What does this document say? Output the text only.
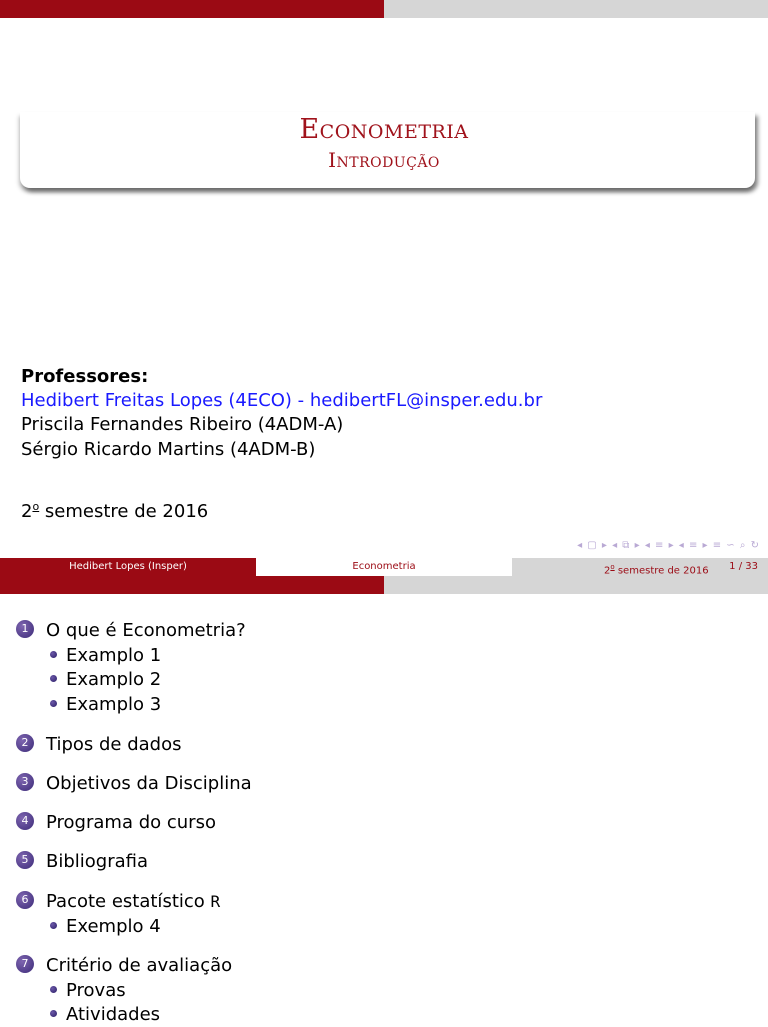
Econometria
Introdução
Professores:
Hedibert Freitas Lopes (4ECO) - hedibertFL@insper.edu.br
Priscila Fernandes Ribeiro (4ADM-A)
Sérgio Ricardo Martins (4ADM-B)
2$^o$ semestre de 2016
◂ ▢ ▸ ◂ ⧉ ▸ ◂ ≡ ▸ ◂ ≡ ▸ ≡ ∽ ⌕ ↻
Hedibert Lopes (Insper)	Econometria	2$^o$ semestre de 2016 1 / 33
1 O que é Econometria?
Examplo 1
Examplo 2
Examplo 3
2 Tipos de dados
3 Objetivos da Disciplina
4 Programa do curso
5 Bibliografia
6 Pacote estatístico R
Exemplo 4
7 Critério de avaliação
Provas
Atividades
